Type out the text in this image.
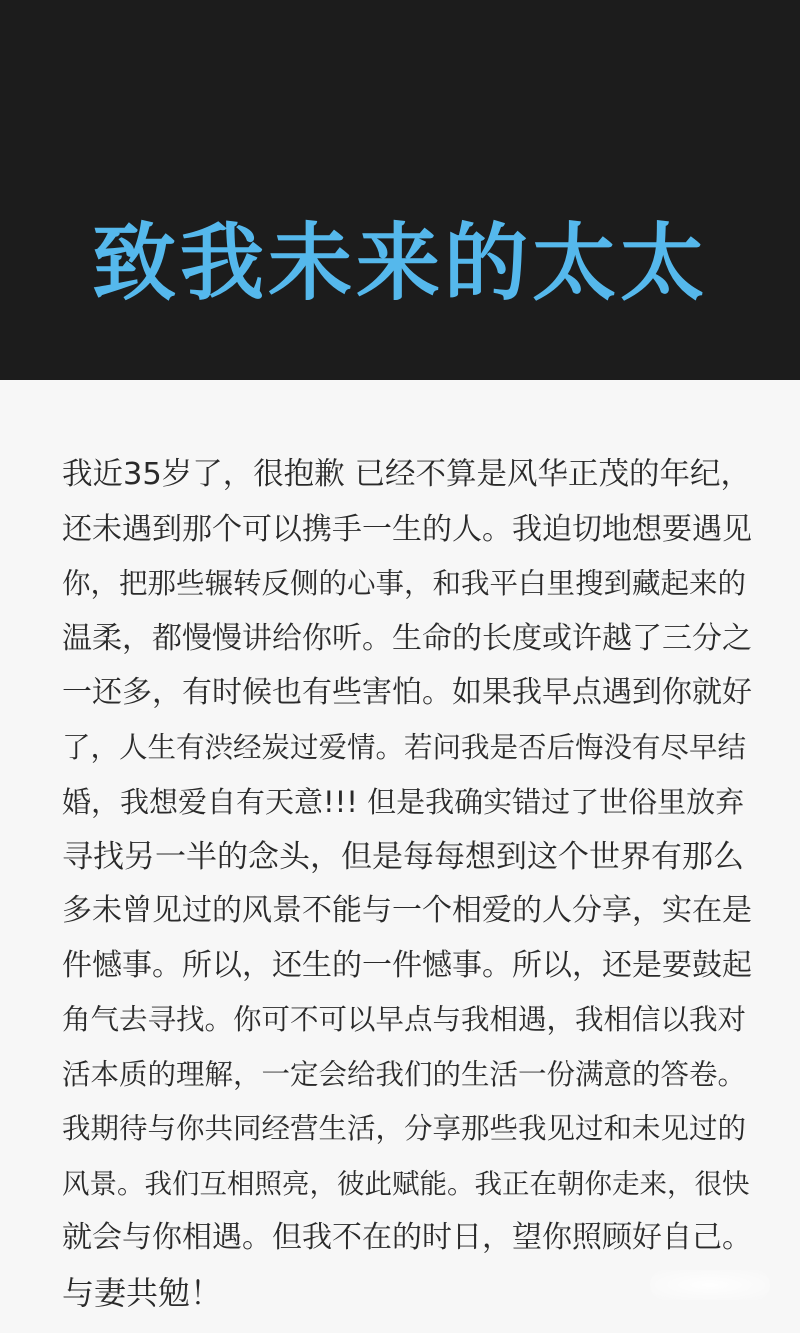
致我未来的太太
我近35岁了，很抱歉 已经不算是风华正茂的年纪，
还未遇到那个可以携手一生的人。我迫切地想要遇见
你，把那些辗转反侧的心事，和我平白里搜到藏起来的
温柔，都慢慢讲给你听。生命的长度或许越了三分之
一还多，有时候也有些害怕。如果我早点遇到你就好
了，人生有渋经炭过爱情。若问我是否后悔没有尽早结
婚，我想爱自有天意!!! 但是我确实错过了世俗里放弃
寻找另一半的念头，但是每每想到这个世界有那么
多未曾见过的风景不能与一个相爱的人分享，实在是
件憾事。所以，还生的一件憾事。所以，还是要鼓起
角气去寻找。你可不可以早点与我相遇，我相信以我对
活本质的理解，一定会给我们的生活一份满意的答卷。
我期待与你共同经营生活，分享那些我见过和未见过的
风景。我们互相照亮，彼此赋能。我正在朝你走来，很快
就会与你相遇。但我不在的时日，望你照顾好自己。
与妻共勉！
